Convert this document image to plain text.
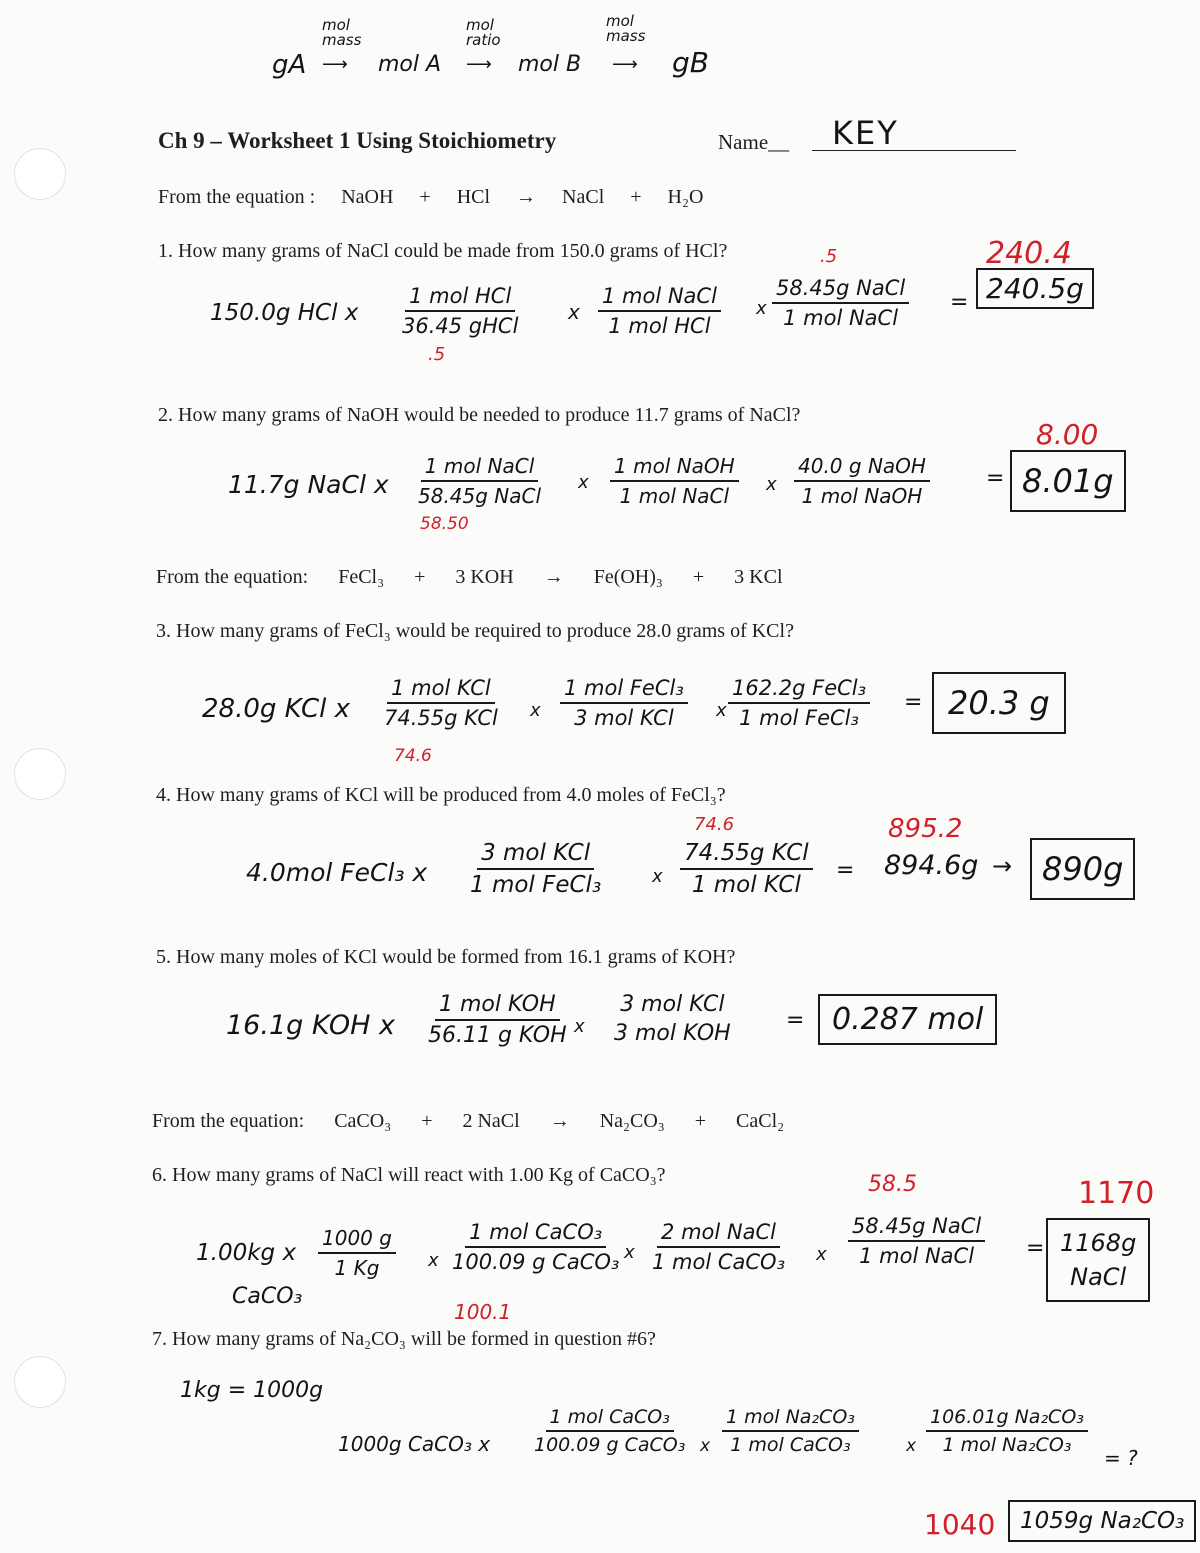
gA
mol mass
⟶ mol A
mol ratio
⟶ mol B
mol mass
⟶ gB
Ch 9 – Worksheet 1 Using Stoichiometry	Name__ KEY
From the equation : NaOH + HCl → NaCl + H₂O
1. How many grams of NaCl could be made from 150.0 grams of HCl?	240.4
.5
150.0g HCl x
1 mol HCl
36.45 gHCl
.5
x
1 mol NaCl
1 mol HCl
x
58.45g NaCl
1 mol NaCl
= 240.5g
2. How many grams of NaOH would be needed to produce 11.7 grams of NaCl?
8.00
11.7g NaCl x
1 mol NaCl
58.45g NaCl
58.50
x
1 mol NaOH
1 mol NaCl x
40.0 g NaOH
1 mol NaOH
= 8.01g
From the equation: FeCl₃ + 3 KOH → Fe(OH)₃ + 3 KCl
3. How many grams of FeCl₃ would be required to produce 28.0 grams of KCl?
28.0g KCl x
1 mol KCl
74.55g KCl
74.6
x
1 mol FeCl₃
3 mol KCl x
162.2g FeCl₃
1 mol FeCl₃
= 20.3 g
4. How many grams of KCl will be produced from 4.0 moles of FeCl₃?
895.2
74.6
4.0mol FeCl₃ x
3 mol KCl
1 mol FeCl₃	x
74.55g KCl
1 mol KCl
= 894.6g → 890g
5. How many moles of KCl would be formed from 16.1 grams of KOH?
16.1g KOH x
1 mol KOH
56.11 g KOH x
3 mol KCl
3 mol KOH
= 0.287 mol
From the equation: CaCO₃ + 2 NaCl → Na₂CO₃ + CaCl₂
6. How many grams of NaCl will react with 1.00 Kg of CaCO₃?
1170
58.5
1.00kg x
CaCO₃
$\frac{1000 g}{1 Kg}$ x
1 mol CaCO₃
100.09 g CaCO₃
100.1
x
2 mol NaCl
1 mol CaCO₃ x
58.45g NaCl
1 mol NaCl = 1168g
NaCl
7. How many grams of Na₂CO₃ will be formed in question #6?
1kg = 1000g
1000g CaCO₃ x
1 mol CaCO₃
100.09 g CaCO₃ x
1 mol Na₂CO₃
1 mol CaCO₃	x
106.01g Na₂CO₃
1 mol Na₂CO₃
= ?
1040	1059g Na₂CO₃
